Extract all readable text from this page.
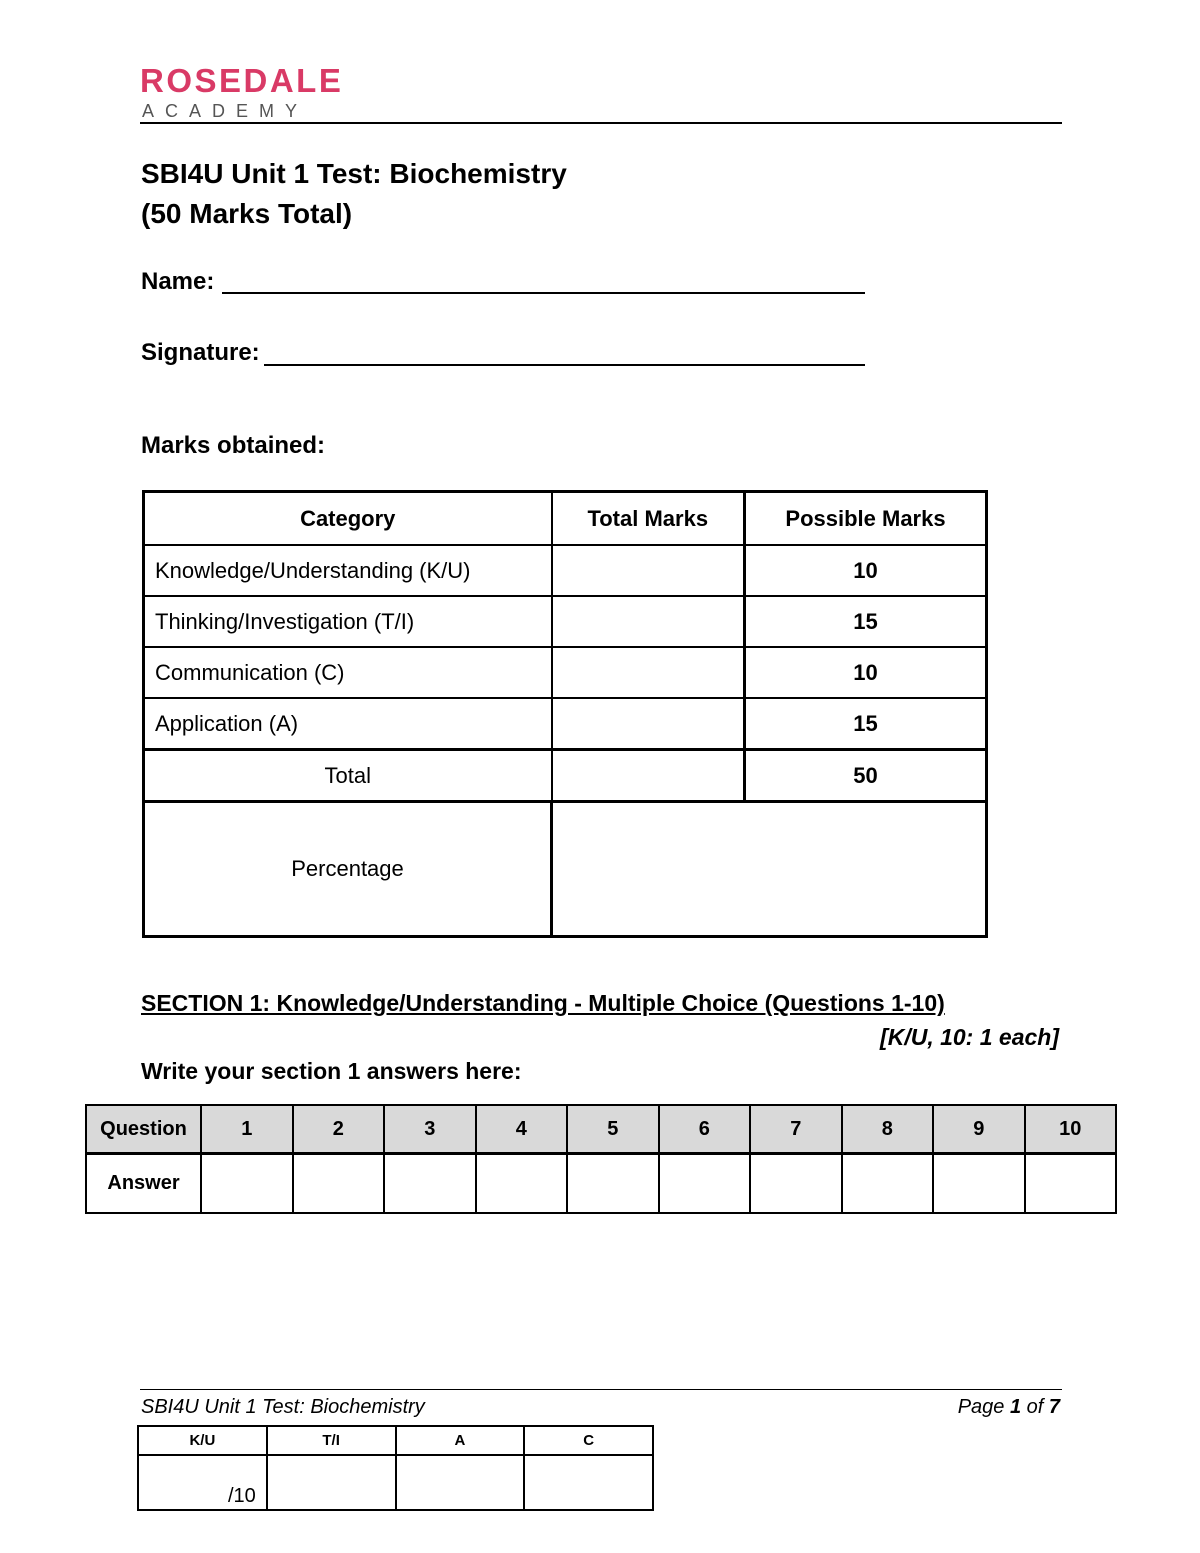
ROSEDALE
ACADEMY
SBI4U Unit 1 Test: Biochemistry
(50 Marks Total)
Name:
Signature:
Marks obtained:
Category	Total Marks	Possible Marks
Knowledge/Understanding (K/U)		10
Thinking/Investigation (T/I)		15
Communication (C)		10
Application (A)		15
Total		50
Percentage		
SECTION 1: Knowledge/Understanding - Multiple Choice (Questions 1-10)
[K/U, 10: 1 each]
Write your section 1 answers here:
Question	1	2	3	4	5	6	7	8	9	10
Answer										
SBI4U Unit 1 Test: Biochemistry	Page 1 of 7
K/U	T/I	A	C
/10			
